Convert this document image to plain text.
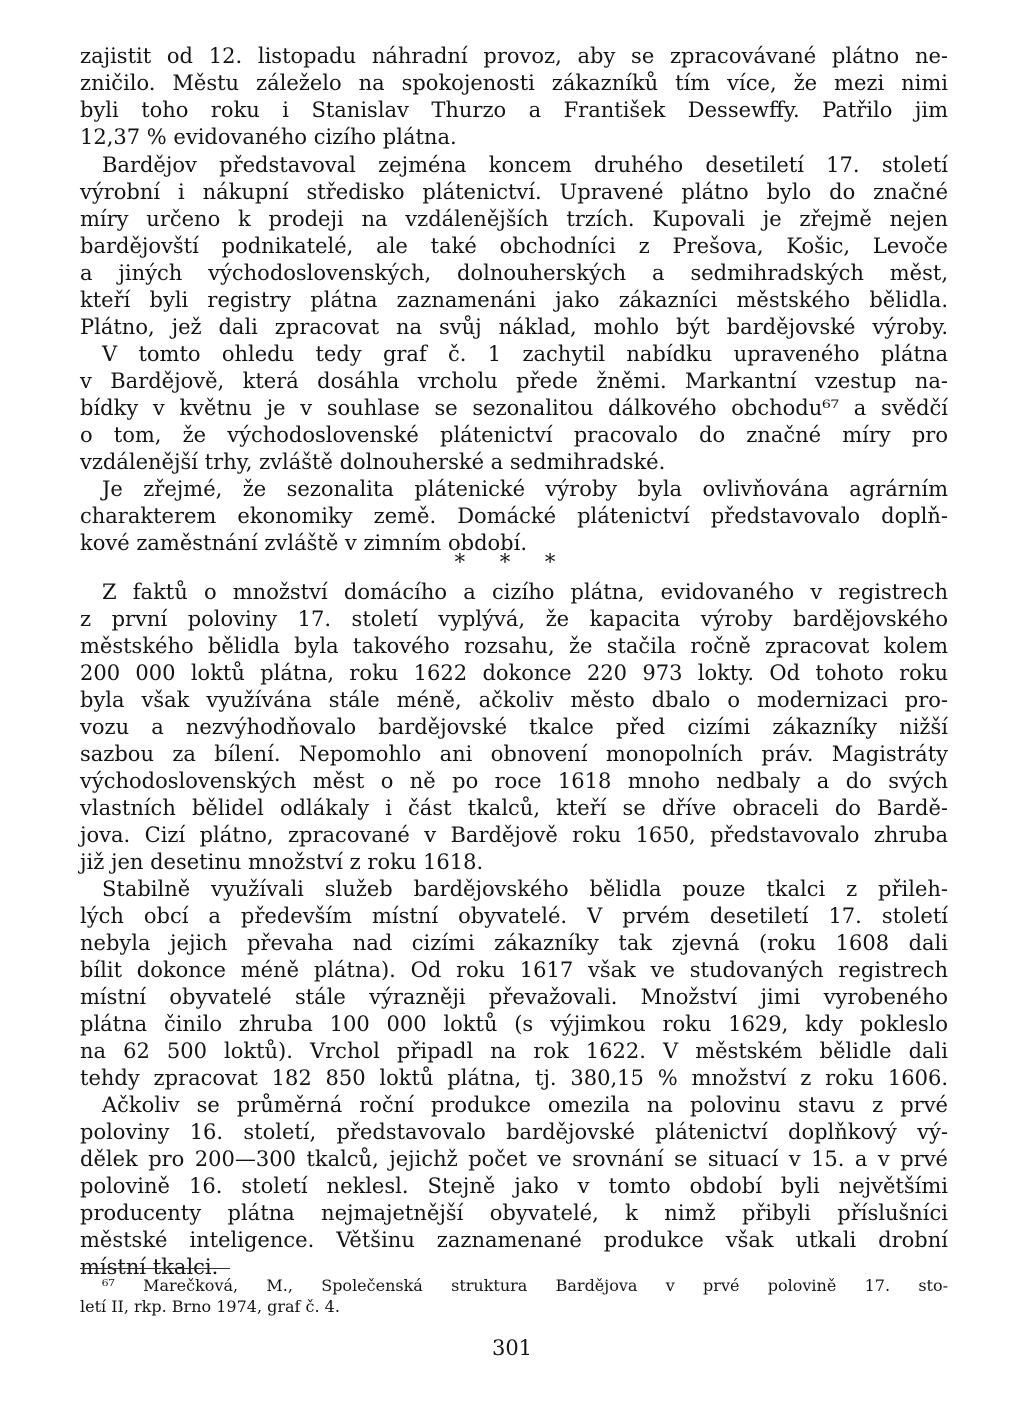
zajistit od 12. listopadu náhradní provoz, aby se zpracovávané plátno ne-

zničilo. Městu záleželo na spokojenosti zákazníků tím více, že mezi nimi

byli toho roku i Stanislav Thurzo a František Dessewffy. Patřilo jim

12,37 % evidovaného cizího plátna.

Bardějov představoval zejména koncem druhého desetiletí 17. století

výrobní i nákupní středisko plátenictví. Upravené plátno bylo do značné

míry určeno k prodeji na vzdálenějších trzích. Kupovali je zřejmě nejen

bardějovští podnikatelé, ale také obchodníci z Prešova, Košic, Levoče

a jiných východoslovenských, dolnouherských a sedmihradských měst,

kteří byli registry plátna zaznamenáni jako zákazníci městského bělidla.

Plátno, jež dali zpracovat na svůj náklad, mohlo být bardějovské výroby.

V tomto ohledu tedy graf č. 1 zachytil nabídku upraveného plátna

v Bardějově, která dosáhla vrcholu přede žněmi. Markantní vzestup na-

bídky v květnu je v souhlase se sezonalitou dálkového obchodu⁶⁷ a svědčí

o tom, že východoslovenské plátenictví pracovalo do značné míry pro

vzdálenější trhy, zvláště dolnouherské a sedmihradské.

Je zřejmé, že sezonalita plátenické výroby byla ovlivňována agrárním

charakterem ekonomiky země. Domácké plátenictví představovalo doplň-

kové zaměstnání zvláště v zimním období.

* * *

Z faktů o množství domácího a cizího plátna, evidovaného v registrech

z první poloviny 17. století vyplývá, že kapacita výroby bardějovského

městského bělidla byla takového rozsahu, že stačila ročně zpracovat kolem

200 000 loktů plátna, roku 1622 dokonce 220 973 lokty. Od tohoto roku

byla však využívána stále méně, ačkoliv město dbalo o modernizaci pro-

vozu a nezvýhodňovalo bardějovské tkalce před cizími zákazníky nižší

sazbou za bílení. Nepomohlo ani obnovení monopolních práv. Magistráty

východoslovenských měst o ně po roce 1618 mnoho nedbaly a do svých

vlastních bělidel odlákaly i část tkalců, kteří se dříve obraceli do Bardě-

jova. Cizí plátno, zpracované v Bardějově roku 1650, představovalo zhruba

již jen desetinu množství z roku 1618.

Stabilně využívali služeb bardějovského bělidla pouze tkalci z přileh-

lých obcí a především místní obyvatelé. V prvém desetiletí 17. století

nebyla jejich převaha nad cizími zákazníky tak zjevná (roku 1608 dali

bílit dokonce méně plátna). Od roku 1617 však ve studovaných registrech

místní obyvatelé stále výrazněji převažovali. Množství jimi vyrobeného

plátna činilo zhruba 100 000 loktů (s výjimkou roku 1629, kdy pokleslo

na 62 500 loktů). Vrchol připadl na rok 1622. V městském bělidle dali

tehdy zpracovat 182 850 loktů plátna, tj. 380,15 % množství z roku 1606.

Ačkoliv se průměrná roční produkce omezila na polovinu stavu z prvé

poloviny 16. století, představovalo bardějovské plátenictví doplňkový vý-

dělek pro 200—300 tkalců, jejichž počet ve srovnání se situací v 15. a v prvé

polovině 16. století neklesl. Stejně jako v tomto období byli největšími

producenty plátna nejmajetnější obyvatelé, k nimž přibyli příslušníci

městské inteligence. Většinu zaznamenané produkce však utkali drobní

místní tkalci.

⁶⁷ Marečková, M., Společenská struktura Bardějova v prvé polovině 17. sto-

letí II, rkp. Brno 1974, graf č. 4.

301
